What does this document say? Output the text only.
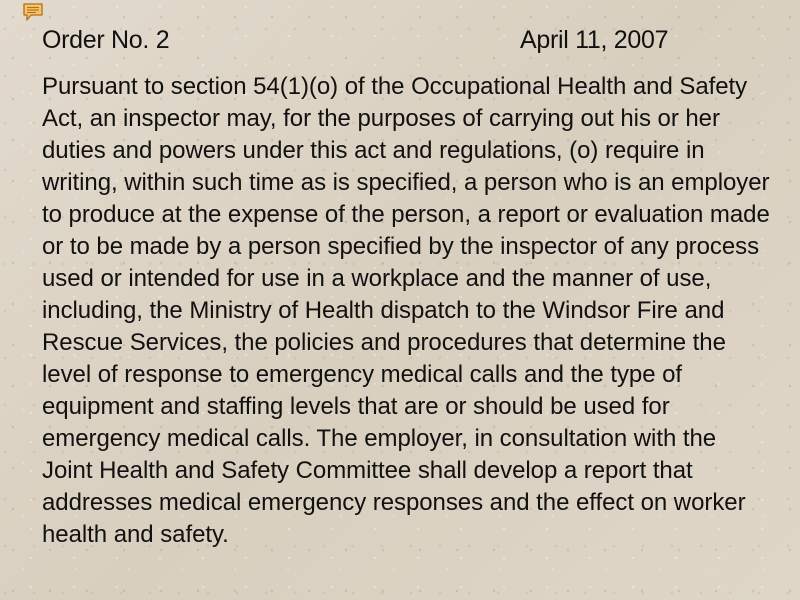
Order No. 2	April 11, 2007

Pursuant to section 54(1)(o) of the Occupational Health and Safety Act, an inspector may, for the purposes of carrying out his or her duties and powers under this act and regulations, (o) require in writing, within such time as is specified, a person who is an employer to produce at the expense of the person, a report or evaluation made or to be made by a person specified by the inspector of any process used or intended for use in a workplace and the manner of use, including, the Ministry of Health dispatch to the Windsor Fire and Rescue Services, the policies and procedures that determine the level of response to emergency medical calls and the type of equipment and staffing levels that are or should be used for emergency medical calls. The employer, in consultation with the Joint Health and Safety Committee shall develop a report that addresses medical emergency responses and the effect on worker health and safety.
